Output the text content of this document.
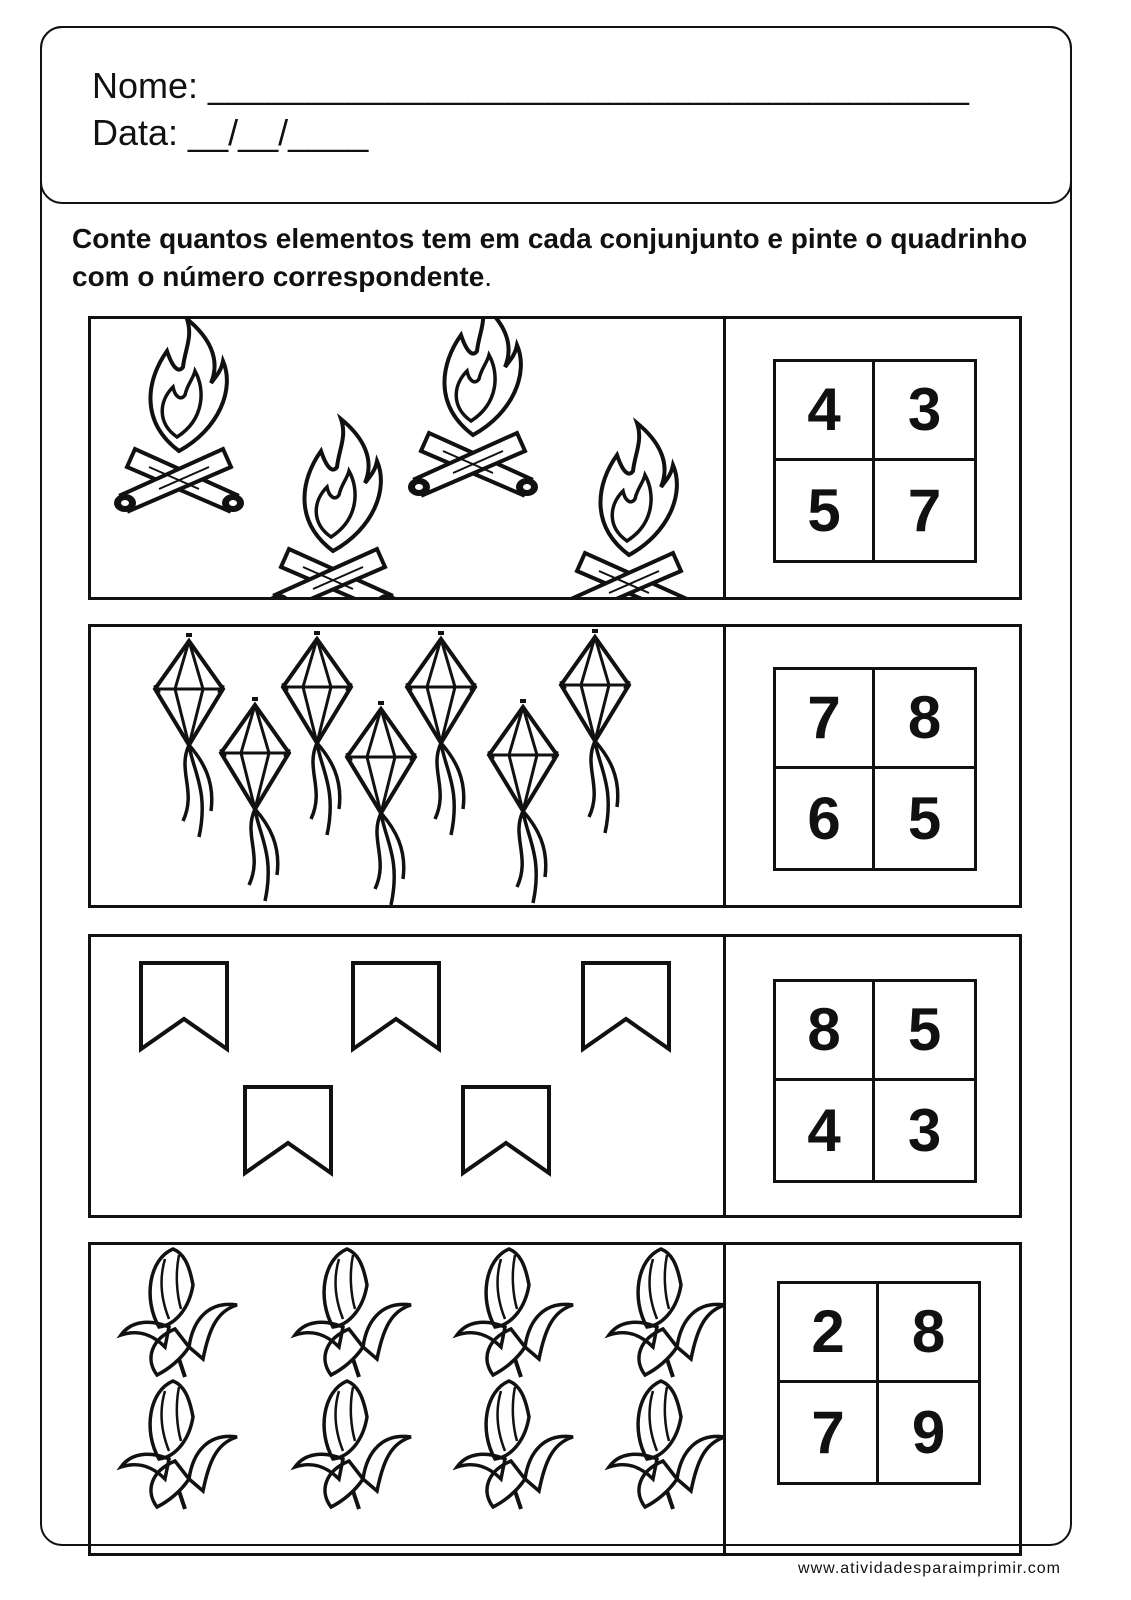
Nome: ______________________________________
Data: __/__/____
Conte quantos elementos tem em cada conjunjunto e pinte o quadrinho com o número correspondente.
4	3
5	7
7	8
6	5
8	5
4	3
2	8
7	9
www.atividadesparaimprimir.com
